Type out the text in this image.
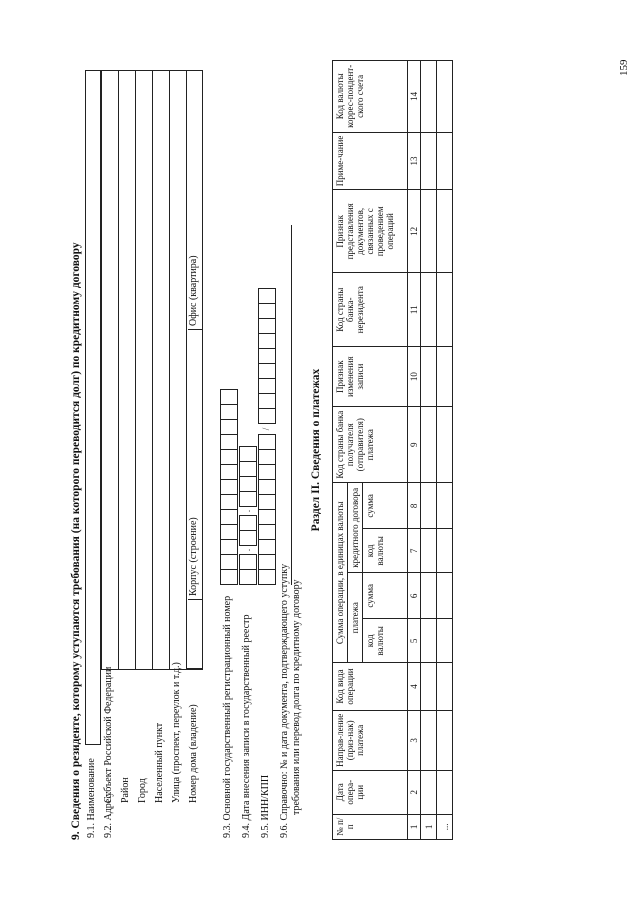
159
9. Сведения о резиденте, которому уступаются требования (на которого переводится долг) по кредитному договору 9.1. Наименование 9.2. Адрес:
Субъект Российской Федерации Район Город Населенный пункт Улица (проспект, переулок и т.д.) Номер дома (владение)
Корпус (строение)
Офис (квартира)
9.3. Основной государственный регистрационный номер 9.4. Дата внесения записи в государственный реестр
.
.
9.5. ИНН/КПП
/
9.6. Справочно: № и дата документа, подтверждающего уступку требования или перевод долга по кредитному договору
Раздел II. Сведения о платежах
№ п/п	Дата опера-ции	Направ-ление (приз-нак) платежа	Код вида операции	Сумма операции, в единицах валюты				Код страны банка получателя (отправителя) платежа	Признак изменения записи	Код страны банка-нерезидента	Признак представления документов, связанных с проведением операций	Приме-чание	Код валюты коррес-пондент-ского счета
				платежа		кредитного договора							
				код валюты	сумма	код валюты	сумма						
1	2	3	4	5	6	7	8	9	10	11	12	13	14
1													
...													
